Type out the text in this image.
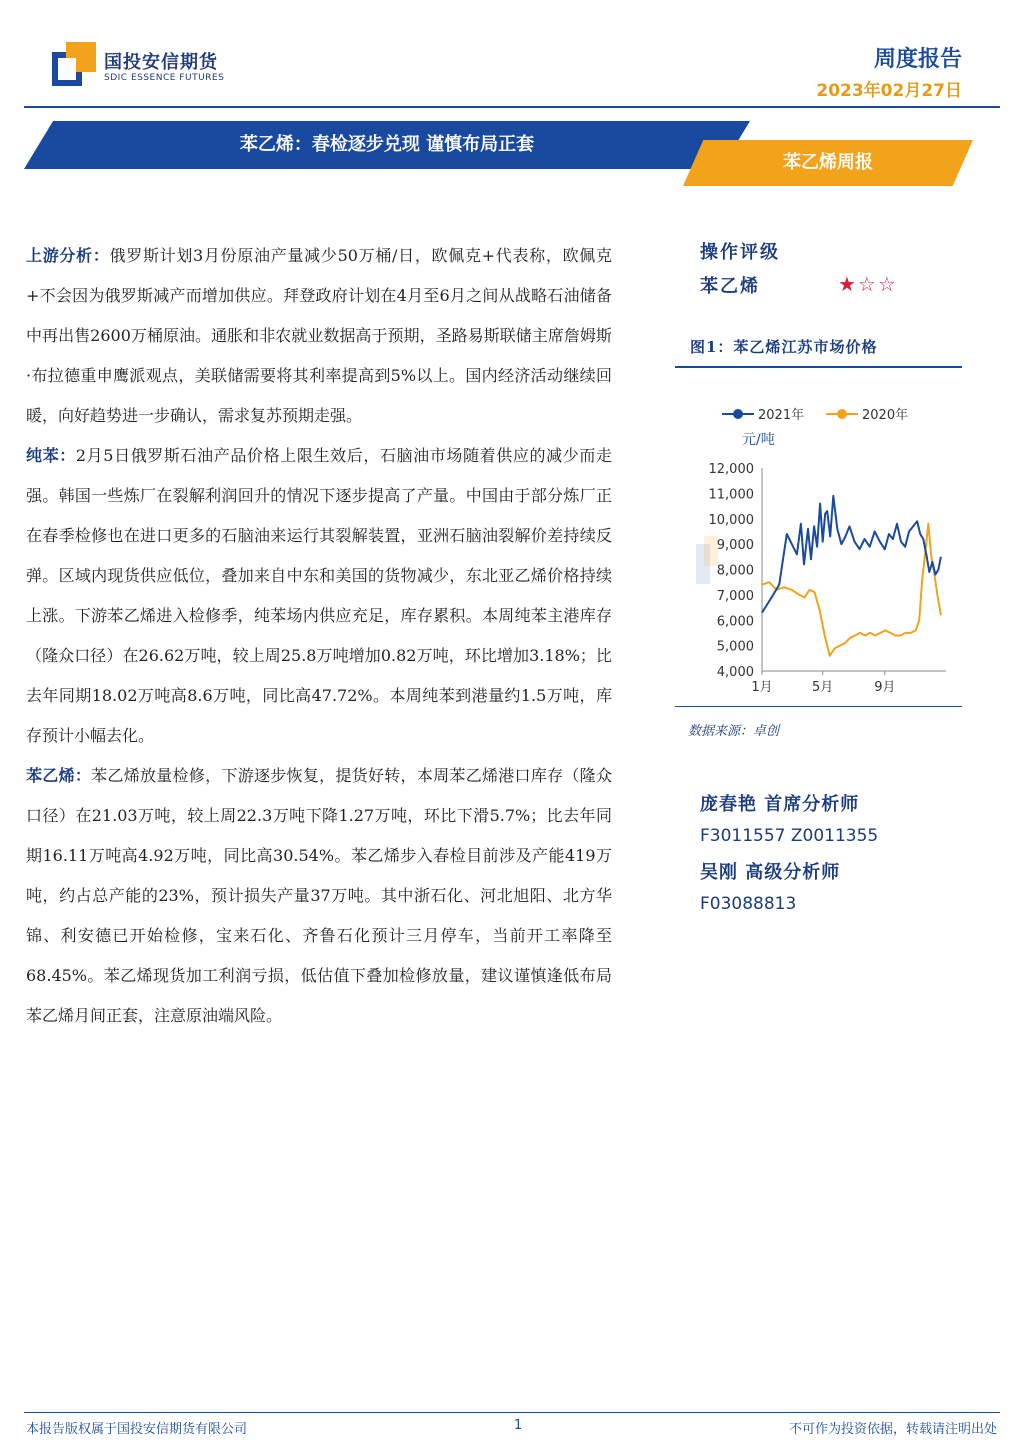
国投安信期货
SDIC ESSENCE FUTURES
周度报告
2023年02月27日
苯乙烯：春检逐步兑现 谨慎布局正套
苯乙烯周报

上游分析：俄罗斯计划3月份原油产量减少50万桶/日，欧佩克+代表称，欧佩克+不会因为俄罗斯减产而增加供应。拜登政府计划在4月至6月之间从战略石油储备中再出售2600万桶原油。通胀和非农就业数据高于预期，圣路易斯联储主席詹姆斯·布拉德重申鹰派观点，美联储需要将其利率提高到5%以上。国内经济活动继续回暖，向好趋势进一步确认，需求复苏预期走强。

纯苯：2月5日俄罗斯石油产品价格上限生效后，石脑油市场随着供应的减少而走强。韩国一些炼厂在裂解利润回升的情况下逐步提高了产量。中国由于部分炼厂正在春季检修也在进口更多的石脑油来运行其裂解装置，亚洲石脑油裂解价差持续反弹。区域内现货供应低位，叠加来自中东和美国的货物减少，东北亚乙烯价格持续上涨。下游苯乙烯进入检修季，纯苯场内供应充足，库存累积。本周纯苯主港库存（隆众口径）在26.62万吨，较上周25.8万吨增加0.82万吨，环比增加3.18%；比去年同期18.02万吨高8.6万吨，同比高47.72%。本周纯苯到港量约1.5万吨，库存预计小幅去化。

苯乙烯：苯乙烯放量检修，下游逐步恢复，提货好转，本周苯乙烯港口库存（隆众口径）在21.03万吨，较上周22.3万吨下降1.27万吨，环比下滑5.7%；比去年同期16.11万吨高4.92万吨，同比高30.54%。苯乙烯步入春检目前涉及产能419万吨，约占总产能的23%，预计损失产量37万吨。其中浙石化、河北旭阳、北方华锦、利安德已开始检修，宝来石化、齐鲁石化预计三月停车，当前开工率降至68.45%。苯乙烯现货加工利润亏损，低估值下叠加检修放量，建议谨慎逢低布局苯乙烯月间正套，注意原油端风险。

操作评级
苯乙烯	★☆☆
图1：苯乙烯江苏市场价格
2021年	2020年
元/吨
12,000
11,000
10,000
9,000
8,000
7,000
6,000
5,000
4,000
1月	5月	9月
数据来源：卓创
庞春艳 首席分析师
F3011557 Z0011355
吴刚 高级分析师
F03088813
本报告版权属于国投安信期货有限公司	1	不可作为投资依据，转载请注明出处
